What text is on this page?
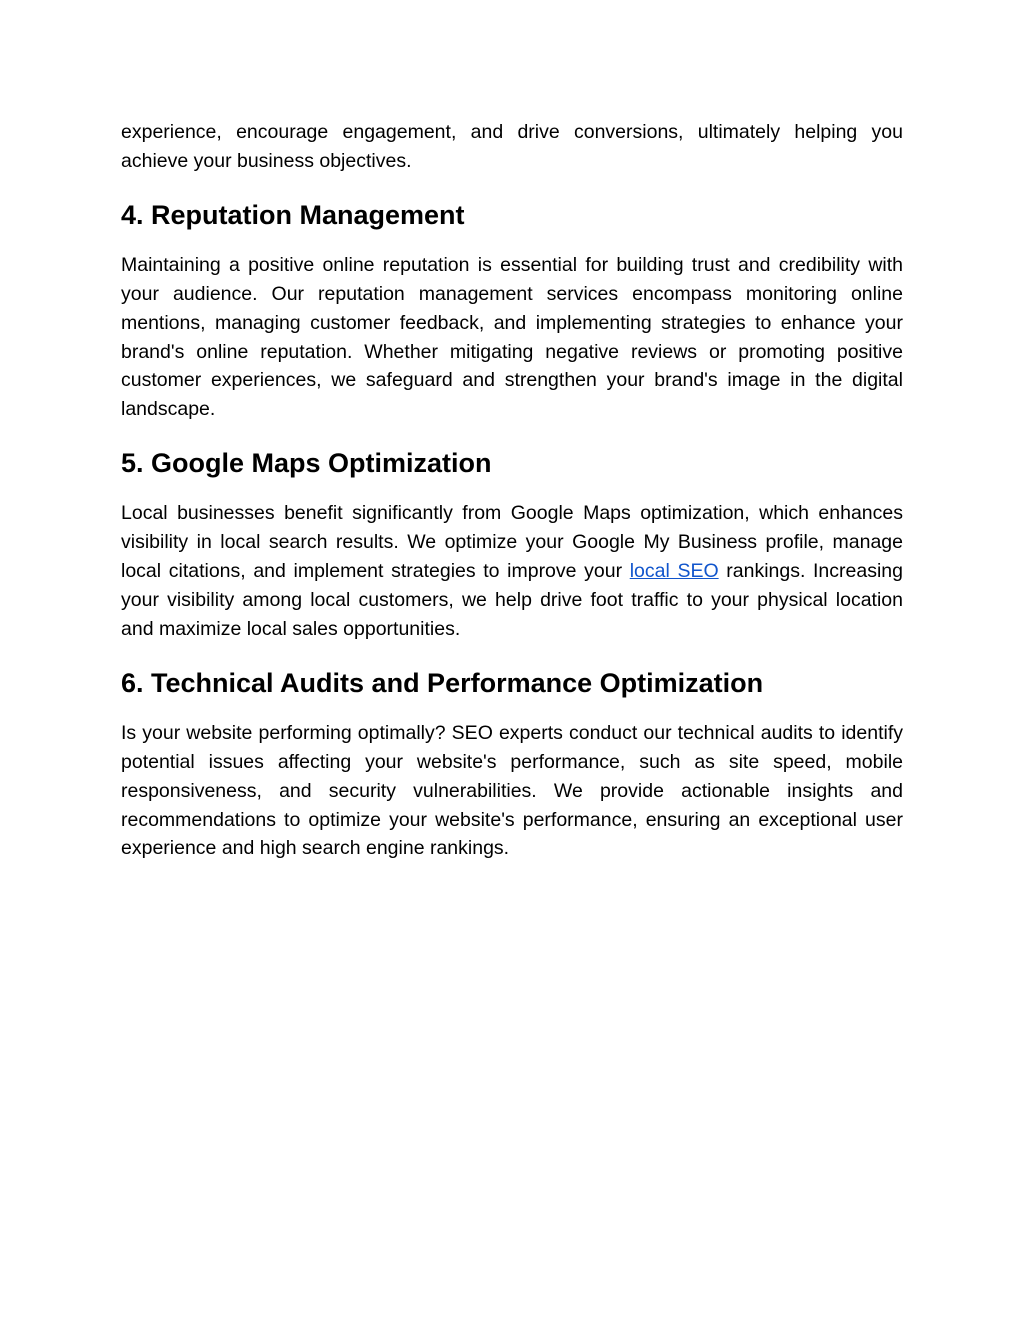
experience, encourage engagement, and drive conversions, ultimately helping you achieve your business objectives.

4. Reputation Management

Maintaining a positive online reputation is essential for building trust and credibility with your audience. Our reputation management services encompass monitoring online mentions, managing customer feedback, and implementing strategies to enhance your brand's online reputation. Whether mitigating negative reviews or promoting positive customer experiences, we safeguard and strengthen your brand's image in the digital landscape.

5. Google Maps Optimization

Local businesses benefit significantly from Google Maps optimization, which enhances visibility in local search results. We optimize your Google My Business profile, manage local citations, and implement strategies to improve your local SEO rankings. Increasing your visibility among local customers, we help drive foot traffic to your physical location and maximize local sales opportunities.

6. Technical Audits and Performance Optimization

Is your website performing optimally? SEO experts conduct our technical audits to identify potential issues affecting your website's performance, such as site speed, mobile responsiveness, and security vulnerabilities. We provide actionable insights and recommendations to optimize your website's performance, ensuring an exceptional user experience and high search engine rankings.
